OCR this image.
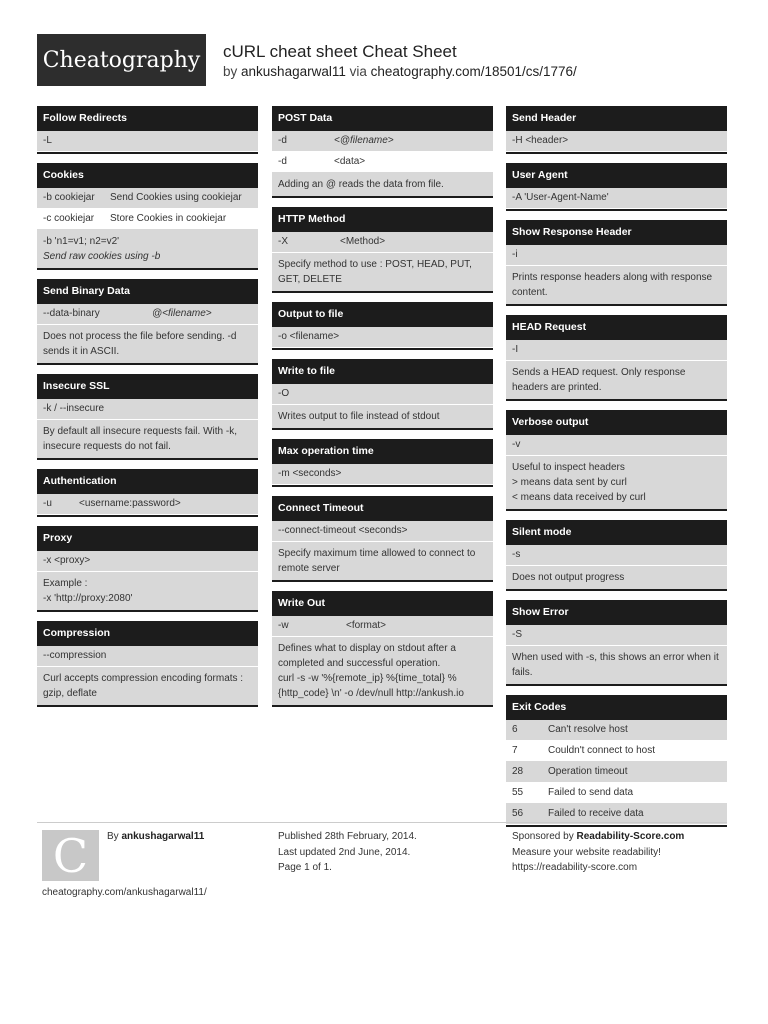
Cheatography cURL cheat sheet Cheat Sheet
by ankushagarwal11 via cheatography.com/18501/cs/1776/
Follow Redirects
-L
Cookies
-b cookiejar Send Cookies using cookiejar
-c cookiejar Store Cookies in cookiejar
-b 'n1=v1; n2=v2'
Send raw cookies using -b
Send Binary Data
--data-binary	@<filename>
Does not process the file before sending. -d
sends it in ASCII.
Insecure SSL
-k / --insecure
By default all insecure requests fail. With -k,
insecure requests do not fail.
Authentication
-u	<username:password>
Proxy
-x <proxy>
Example :
-x 'http://proxy:2080'
Compression
--compression
Curl accepts compression encoding formats :
gzip, deflate
POST Data
-d	<@filename>
-d	<data>
Adding an @ reads the data from file.
HTTP Method
-X	<Method>
Specify method to use : POST, HEAD, PUT,
GET, DELETE
Output to file
-o <filename>
Write to file
-O
Writes output to file instead of stdout
Max operation time
-m <seconds>
Connect Timeout
--connect-timeout <seconds>
Specify maximum time allowed to connect to
remote server
Write Out
-w	<format>
Defines what to display on stdout after a
completed and successful operation.
curl -s -w '%{remote_ip} %{time_total} %
{http_code} \n' -o /dev/null http://ankush.io
Send Header
-H <header>
User Agent
-A 'User-Agent-Name'
Show Response Header
-i
Prints response headers along with response
content.
HEAD Request
-I
Sends a HEAD request. Only response
headers are printed.
Verbose output
-v
Useful to inspect headers
> means data sent by curl
< means data received by curl
Silent mode
-s
Does not output progress
Show Error
-S
When used with -s, this shows an error when it
fails.
Exit Codes
6	Can't resolve host
7	Couldn't connect to host
28 Operation timeout
55 Failed to send data
56 Failed to receive data
C By ankushagarwal11
cheatography.com/ankushagarwal11/
Published 28th February, 2014.
Last updated 2nd June, 2014.
Page 1 of 1.
Sponsored by Readability-Score.com
Measure your website readability!
https://readability-score.com
